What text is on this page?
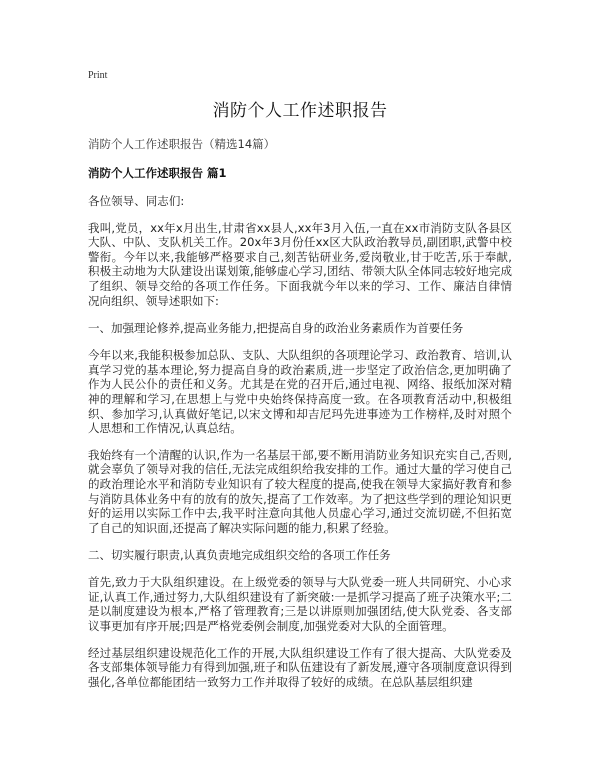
Print
消防个人工作述职报告
消防个人工作述职报告（精选14篇）
消防个人工作述职报告 篇1

各位领导、同志们:

我叫,党员，xx年x月出生,甘肃省xx县人,xx年3月入伍,一直在xx市消防支队各县区大队、中队、支队机关工作。20x年3月份任xx区大队政治教导员,副团职,武警中校警衔。今年以来,我能够严格要求自己,刻苦钻研业务,爱岗敬业,甘于吃苦,乐于奉献,积极主动地为大队建设出谋划策,能够虚心学习,团结、带领大队全体同志较好地完成了组织、领导交给的各项工作任务。下面我就今年以来的学习、工作、廉洁自律情况向组织、领导述职如下:

一、加强理论修养,提高业务能力,把提高自身的政治业务素质作为首要任务

今年以来,我能积极参加总队、支队、大队组织的各项理论学习、政治教育、培训,认真学习党的基本理论,努力提高自身的政治素质,进一步坚定了政治信念,更加明确了作为人民公仆的责任和义务。尤其是在党的召开后,通过电视、网络、报纸加深对精神的理解和学习,在思想上与党中央始终保持高度一致。在各项教育活动中,积极组织、参加学习,认真做好笔记,以宋文博和却吉尼玛先进事迹为工作榜样,及时对照个人思想和工作情况,认真总结。

我始终有一个清醒的认识,作为一名基层干部,要不断用消防业务知识充实自己,否则,就会辜负了领导对我的信任,无法完成组织给我安排的工作。通过大量的学习使自己的政治理论水平和消防专业知识有了较大程度的提高,使我在领导大家搞好教育和参与消防具体业务中有的放有的放矢,提高了工作效率。为了把这些学到的理论知识更好的运用以实际工作中去,我平时注意向其他人员虚心学习,通过交流切磋,不但拓宽了自己的知识面,还提高了解决实际问题的能力,积累了经验。

二、切实履行职责,认真负责地完成组织交给的各项工作任务

首先,致力于大队组织建设。在上级党委的领导与大队党委一班人共同研究、小心求证,认真工作,通过努力,大队组织建设有了新突破:一是抓学习提高了班子决策水平;二是以制度建设为根本,严格了管理教育;三是以讲原则加强团结,使大队党委、各支部议事更加有序开展;四是严格党委例会制度,加强党委对大队的全面管理。

经过基层组织建设规范化工作的开展,大队组织建设工作有了很大提高、大队党委及各支部集体领导能力有得到加强,班子和队伍建设有了新发展,遵守各项制度意识得到强化,各单位都能团结一致努力工作并取得了较好的成绩。在总队基层组织建
